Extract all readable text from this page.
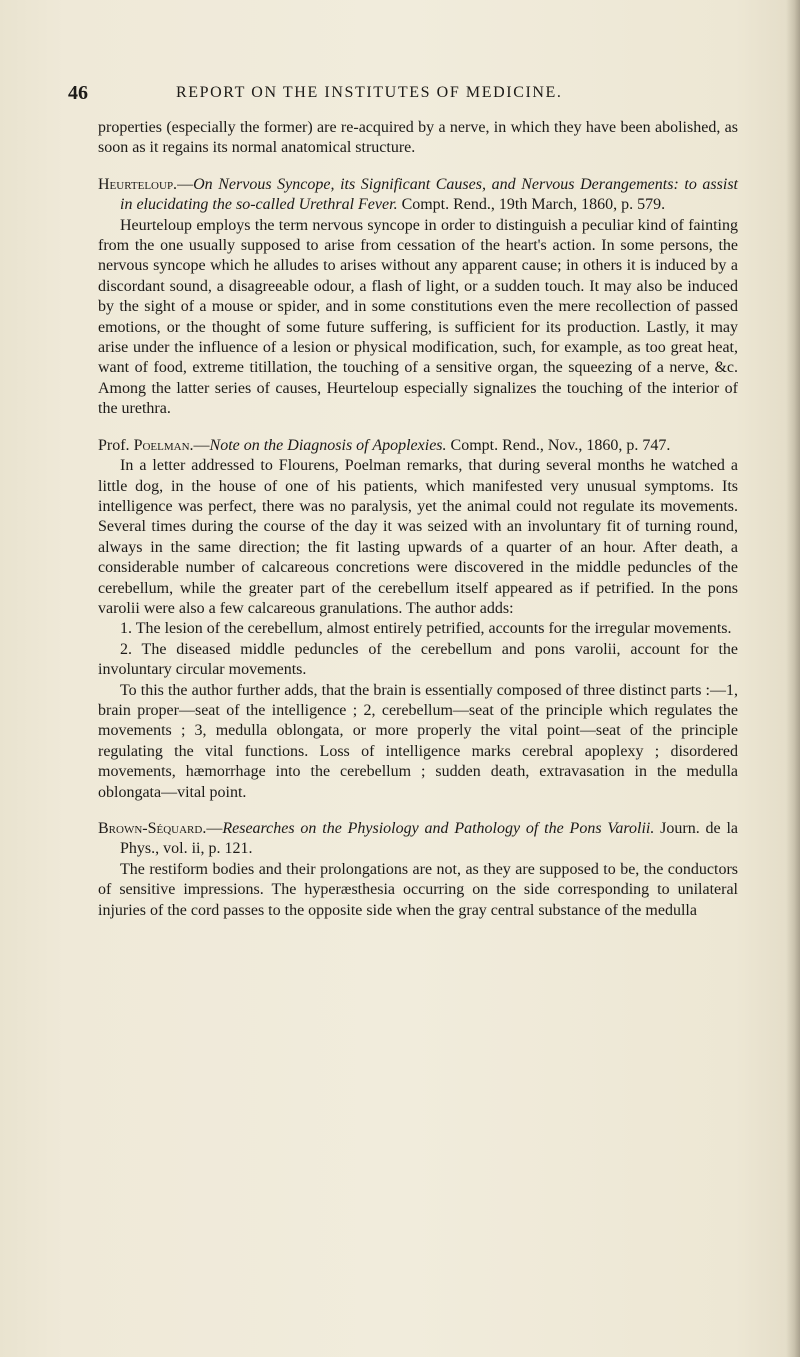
46	REPORT ON THE INSTITUTES OF MEDICINE.

properties (especially the former) are re-acquired by a nerve, in which they have been abolished, as soon as it regains its normal anatomical structure.

Heurteloup.—On Nervous Syncope, its Significant Causes, and Nervous Derangements: to assist in elucidating the so-called Urethral Fever. Compt. Rend., 19th March, 1860, p. 579.

Heurteloup employs the term nervous syncope in order to distinguish a peculiar kind of fainting from the one usually supposed to arise from cessation of the heart's action. In some persons, the nervous syncope which he alludes to arises without any apparent cause; in others it is induced by a discordant sound, a disagreeable odour, a flash of light, or a sudden touch. It may also be induced by the sight of a mouse or spider, and in some constitutions even the mere recollection of passed emotions, or the thought of some future suffering, is sufficient for its production. Lastly, it may arise under the influence of a lesion or physical modification, such, for example, as too great heat, want of food, extreme titillation, the touching of a sensitive organ, the squeezing of a nerve, &c. Among the latter series of causes, Heurteloup especially signalizes the touching of the interior of the urethra.

Prof. Poelman.—Note on the Diagnosis of Apoplexies. Compt. Rend., Nov., 1860, p. 747.

In a letter addressed to Flourens, Poelman remarks, that during several months he watched a little dog, in the house of one of his patients, which manifested very unusual symptoms. Its intelligence was perfect, there was no paralysis, yet the animal could not regulate its movements. Several times during the course of the day it was seized with an involuntary fit of turning round, always in the same direction; the fit lasting upwards of a quarter of an hour. After death, a considerable number of calcareous concretions were discovered in the middle peduncles of the cerebellum, while the greater part of the cerebellum itself appeared as if petrified. In the pons varolii were also a few calcareous granulations. The author adds:

1. The lesion of the cerebellum, almost entirely petrified, accounts for the irregular movements.

2. The diseased middle peduncles of the cerebellum and pons varolii, account for the involuntary circular movements.

To this the author further adds, that the brain is essentially composed of three distinct parts :—1, brain proper—seat of the intelligence ; 2, cerebellum—seat of the principle which regulates the movements ; 3, medulla oblongata, or more properly the vital point—seat of the principle regulating the vital functions. Loss of intelligence marks cerebral apoplexy ; disordered movements, hæmorrhage into the cerebellum ; sudden death, extravasation in the medulla oblongata—vital point.

Brown-Séquard.—Researches on the Physiology and Pathology of the Pons Varolii. Journ. de la Phys., vol. ii, p. 121.

The restiform bodies and their prolongations are not, as they are supposed to be, the conductors of sensitive impressions. The hyperæsthesia occurring on the side corresponding to unilateral injuries of the cord passes to the opposite side when the gray central substance of the medulla
